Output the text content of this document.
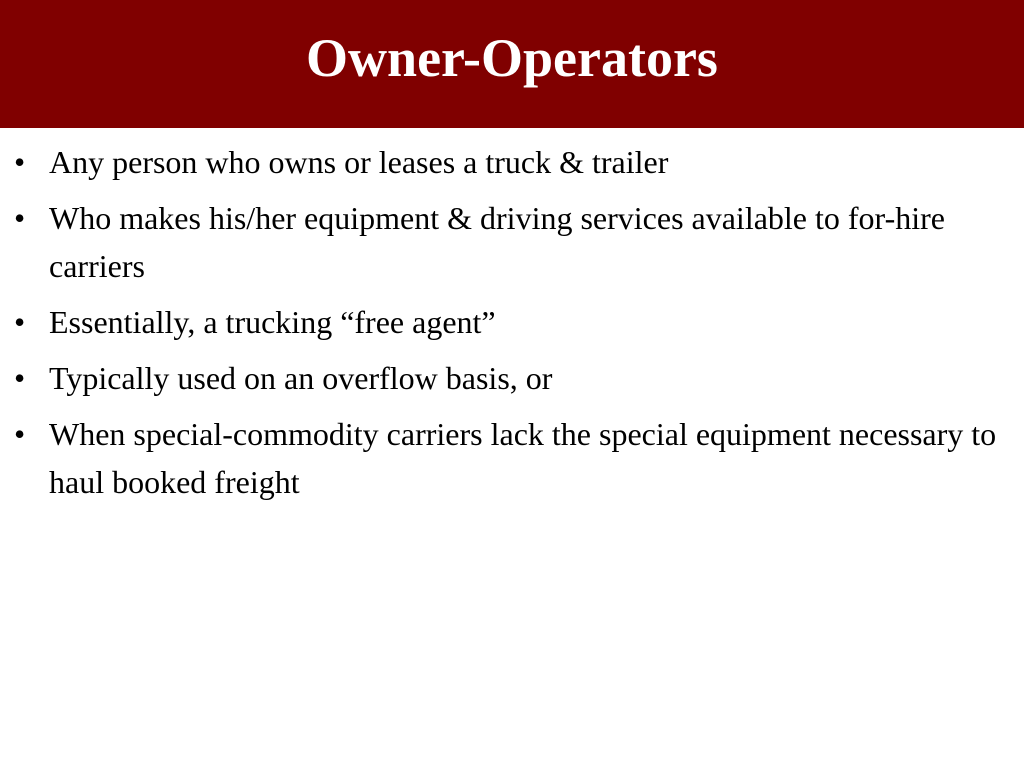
Owner-Operators
• Any person who owns or leases a truck & trailer
• Who makes his/her equipment & driving services available to for-hire carriers
• Essentially, a trucking “free agent”
• Typically used on an overflow basis, or
• When special-commodity carriers lack the special equipment necessary to haul booked freight
